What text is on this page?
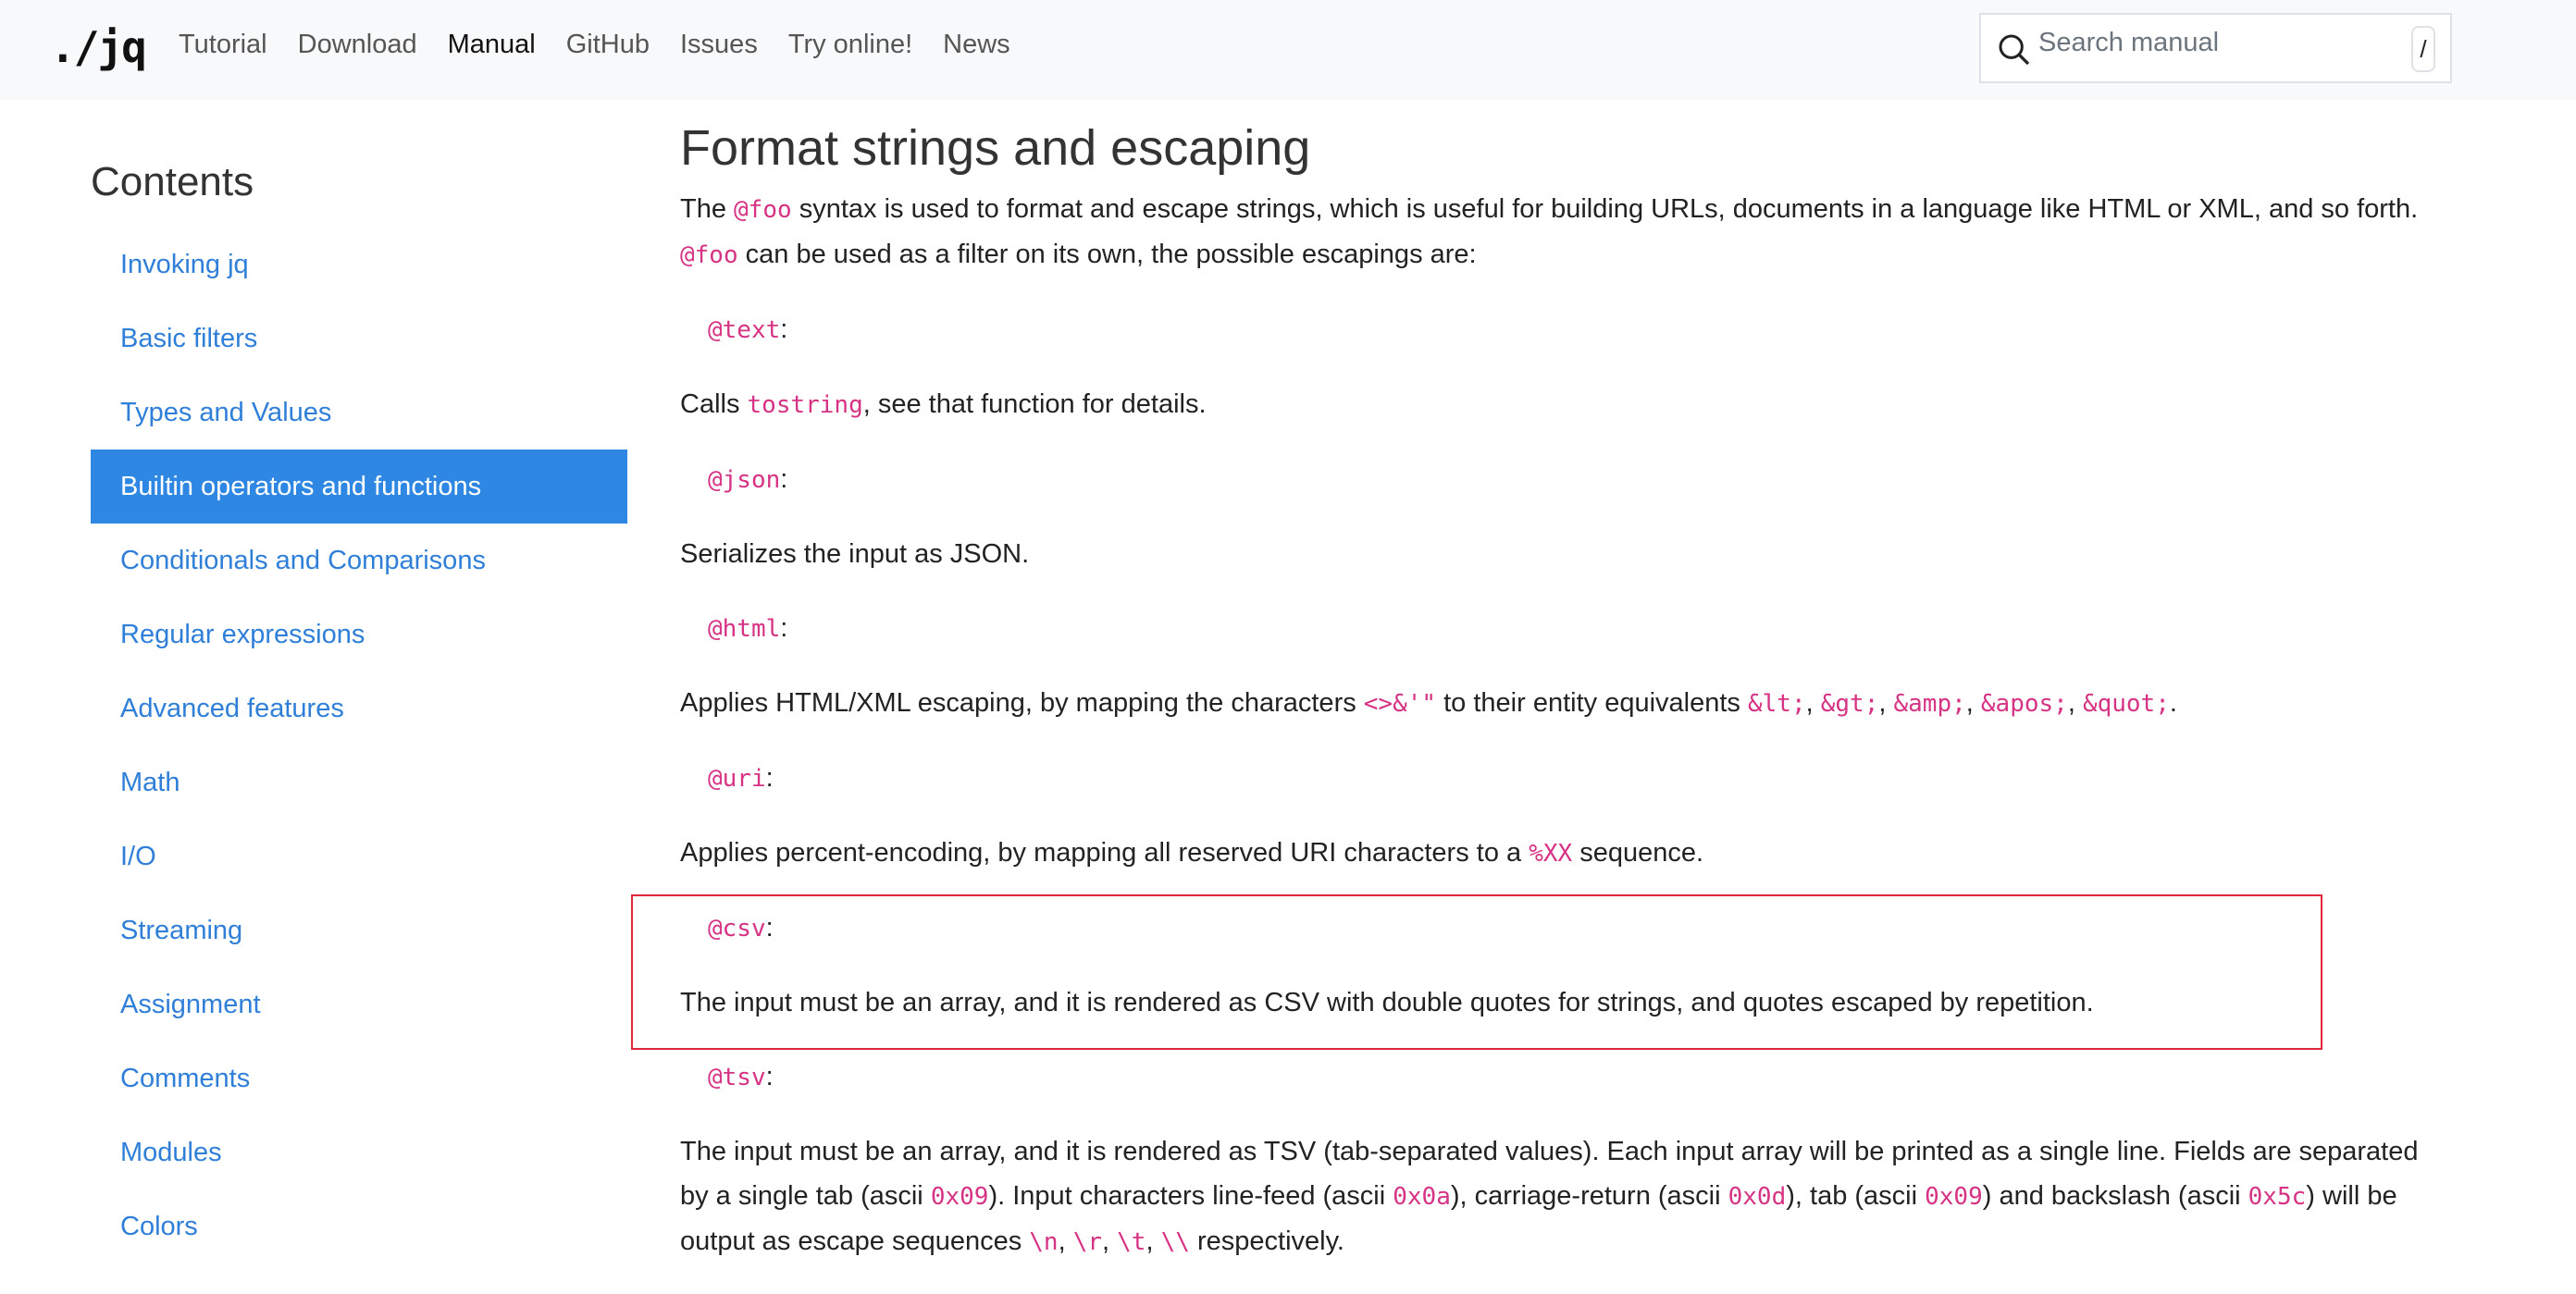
./jq Tutorial Download Manual GitHub Issues Try online! News
Search manual	/
Contents
Invoking jq
Basic filters
Types and Values
Builtin operators and functions
Conditionals and Comparisons
Regular expressions
Advanced features
Math
I/O
Streaming
Assignment
Comments
Modules
Colors
Format strings and escaping

The @foo syntax is used to format and escape strings, which is useful for building URLs, documents in a language like HTML or XML, and so forth. @foo can be used as a filter on its own, the possible escapings are:

@text:

Calls tostring, see that function for details.

@json:

Serializes the input as JSON.

@html:

Applies HTML/XML escaping, by mapping the characters <>&'" to their entity equivalents &lt;, &gt;, &amp;, &apos;, &quot;.

@uri:

Applies percent-encoding, by mapping all reserved URI characters to a %XX sequence.

@csv:

The input must be an array, and it is rendered as CSV with double quotes for strings, and quotes escaped by repetition.

@tsv:

The input must be an array, and it is rendered as TSV (tab-separated values). Each input array will be printed as a single line. Fields are separated by a single tab (ascii 0x09). Input characters line-feed (ascii 0x0a), carriage-return (ascii 0x0d), tab (ascii 0x09) and backslash (ascii 0x5c) will be output as escape sequences \n, \r, \t, \\ respectively.
